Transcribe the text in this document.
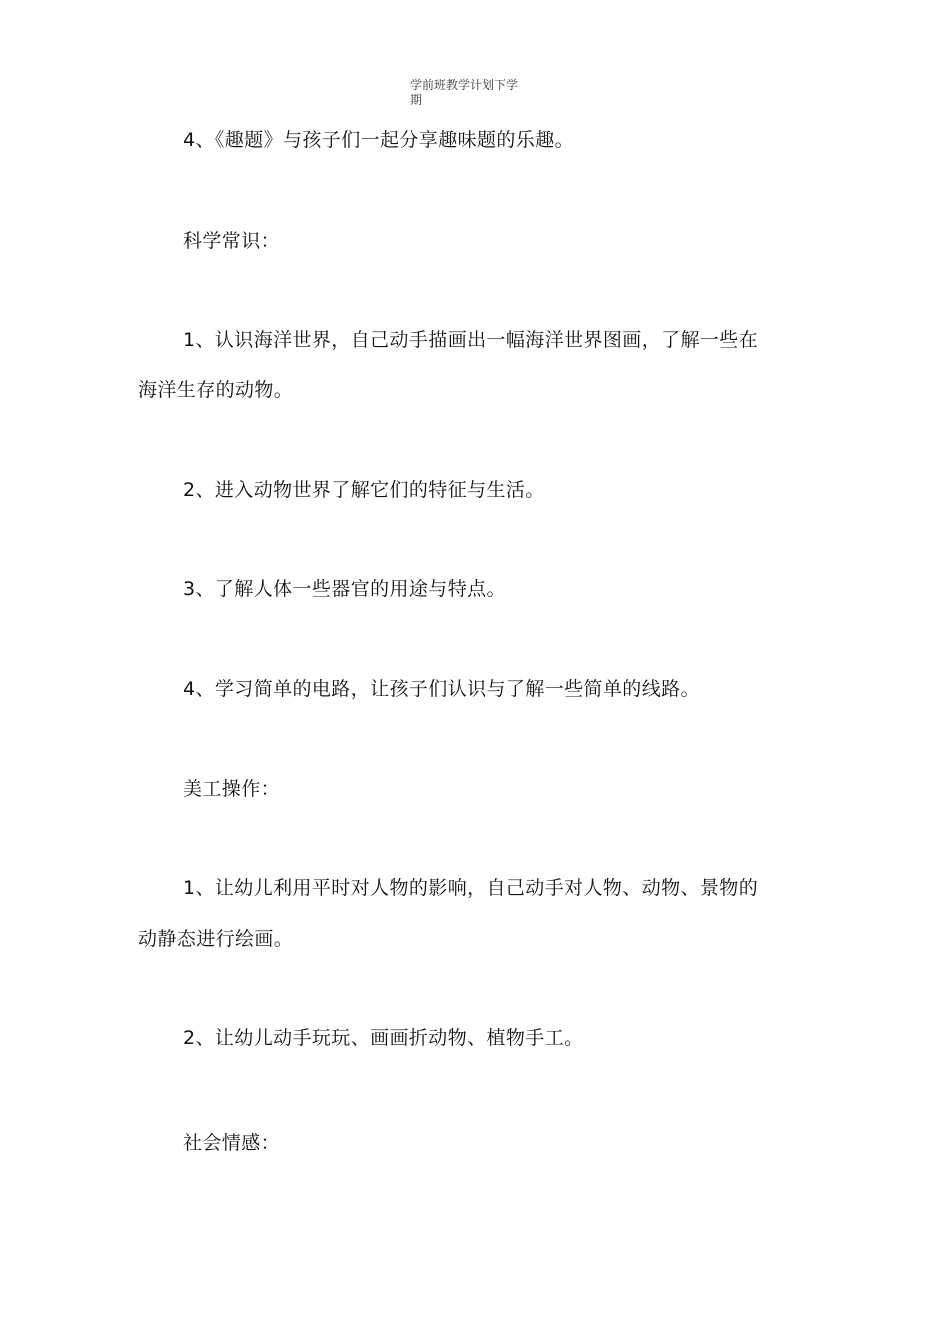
学前班教学计划下学
期
4、《趣题》与孩子们一起分享趣味题的乐趣。
科学常识：
1、认识海洋世界，自己动手描画出一幅海洋世界图画，了解一些在
海洋生存的动物。
2、进入动物世界了解它们的特征与生活。
3、了解人体一些器官的用途与特点。
4、学习简单的电路，让孩子们认识与了解一些简单的线路。
美工操作：
1、让幼儿利用平时对人物的影响，自己动手对人物、动物、景物的
动静态进行绘画。
2、让幼儿动手玩玩、画画折动物、植物手工。
社会情感：
